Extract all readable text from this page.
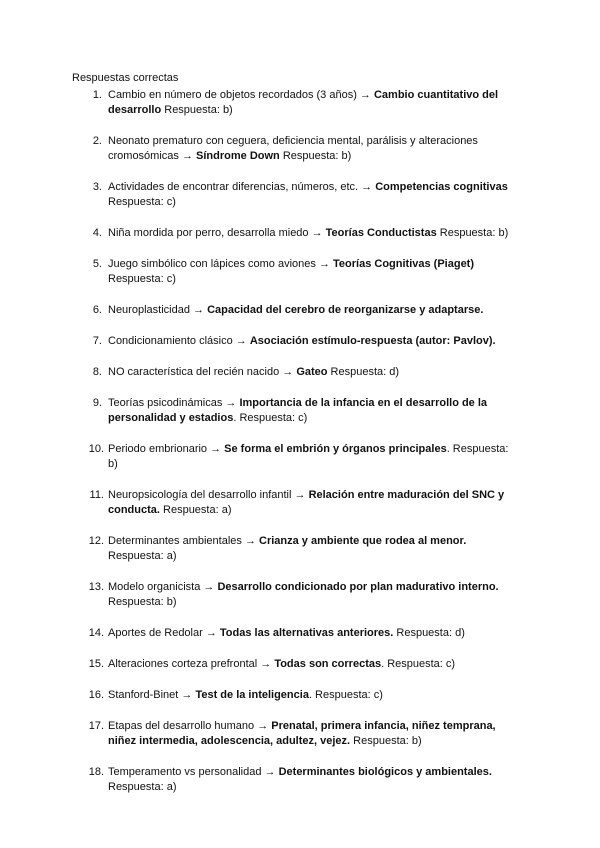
Respuestas correctas

1. Cambio en número de objetos recordados (3 años) → Cambio cuantitativo del desarrollo Respuesta: b)
2. Neonato prematuro con ceguera, deficiencia mental, parálisis y alteraciones cromosómicas → Síndrome Down Respuesta: b)
3. Actividades de encontrar diferencias, números, etc. → Competencias cognitivas Respuesta: c)
4. Niña mordida por perro, desarrolla miedo → Teorías Conductistas Respuesta: b)
5. Juego simbólico con lápices como aviones → Teorías Cognitivas (Piaget) Respuesta: c)
6. Neuroplasticidad → Capacidad del cerebro de reorganizarse y adaptarse.
7. Condicionamiento clásico → Asociación estímulo-respuesta (autor: Pavlov).
8. NO característica del recién nacido → Gateo Respuesta: d)
9. Teorías psicodinámicas → Importancia de la infancia en el desarrollo de la personalidad y estadios. Respuesta: c)
10. Periodo embrionario → Se forma el embrión y órganos principales. Respuesta: b)
11. Neuropsicología del desarrollo infantil → Relación entre maduración del SNC y conducta. Respuesta: a)
12. Determinantes ambientales → Crianza y ambiente que rodea al menor. Respuesta: a)
13. Modelo organicista → Desarrollo condicionado por plan madurativo interno. Respuesta: b)
14. Aportes de Redolar → Todas las alternativas anteriores. Respuesta: d)
15. Alteraciones corteza prefrontal → Todas son correctas. Respuesta: c)
16. Stanford-Binet → Test de la inteligencia. Respuesta: c)
17. Etapas del desarrollo humano → Prenatal, primera infancia, niñez temprana, niñez intermedia, adolescencia, adultez, vejez. Respuesta: b)
18. Temperamento vs personalidad → Determinantes biológicos y ambientales. Respuesta: a)
